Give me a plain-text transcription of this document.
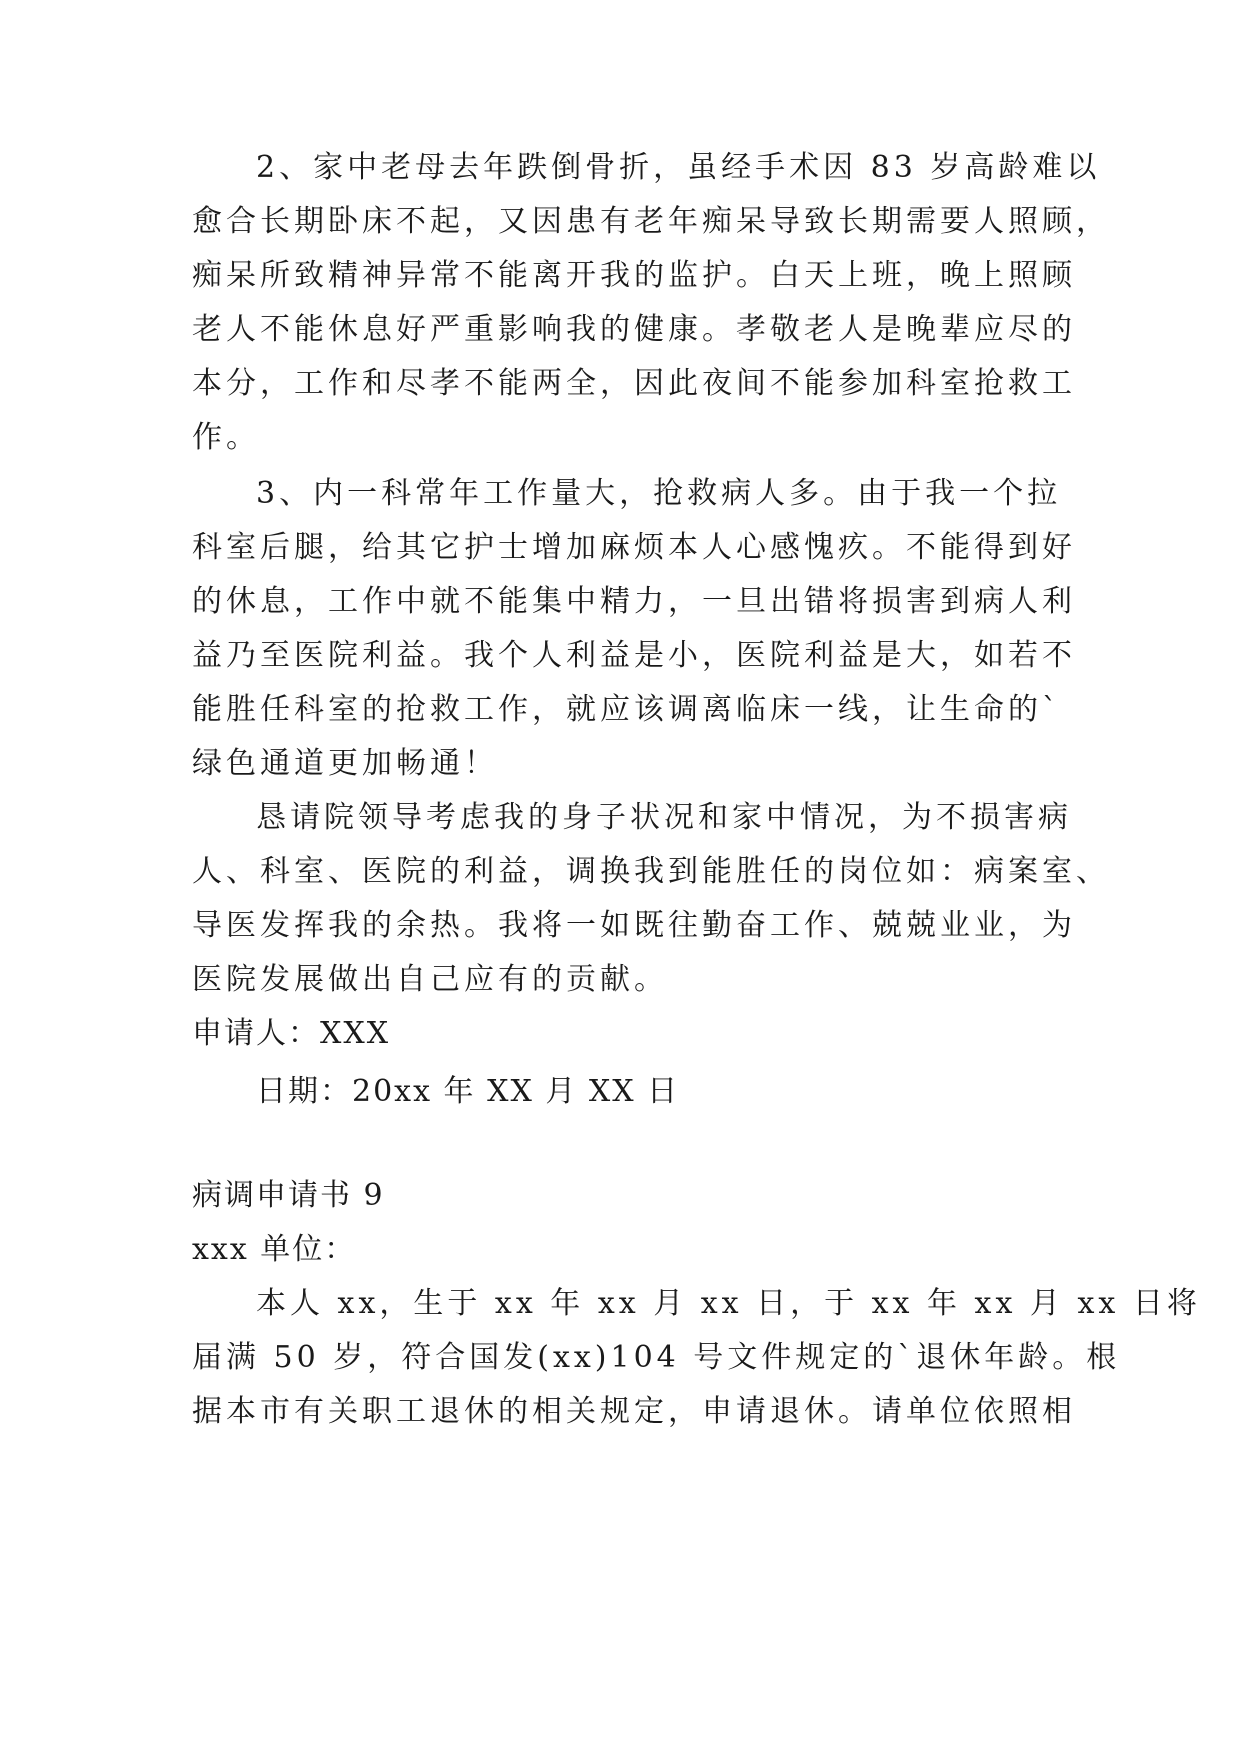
2、家中老母去年跌倒骨折，虽经手术因 83 岁高龄难以
愈合长期卧床不起，又因患有老年痴呆导致长期需要人照顾，
痴呆所致精神异常不能离开我的监护。白天上班，晚上照顾
老人不能休息好严重影响我的健康。孝敬老人是晚辈应尽的
本分，工作和尽孝不能两全，因此夜间不能参加科室抢救工
作。
3、内一科常年工作量大，抢救病人多。由于我一个拉
科室后腿，给其它护士增加麻烦本人心感愧疚。不能得到好
的休息，工作中就不能集中精力，一旦出错将损害到病人利
益乃至医院利益。我个人利益是小，医院利益是大，如若不
能胜任科室的抢救工作，就应该调离临床一线，让生命的`
绿色通道更加畅通！
恳请院领导考虑我的身子状况和家中情况，为不损害病
人、科室、医院的利益，调换我到能胜任的岗位如：病案室、
导医发挥我的余热。我将一如既往勤奋工作、兢兢业业，为
医院发展做出自己应有的贡献。
申请人：XXX
日期：20xx 年 XX 月 XX 日
病调申请书 9
xxx 单位：
本人 xx，生于 xx 年 xx 月 xx 日，于 xx 年 xx 月 xx 日将
届满 50 岁，符合国发(xx)104 号文件规定的`退休年龄。根
据本市有关职工退休的相关规定，申请退休。请单位依照相
